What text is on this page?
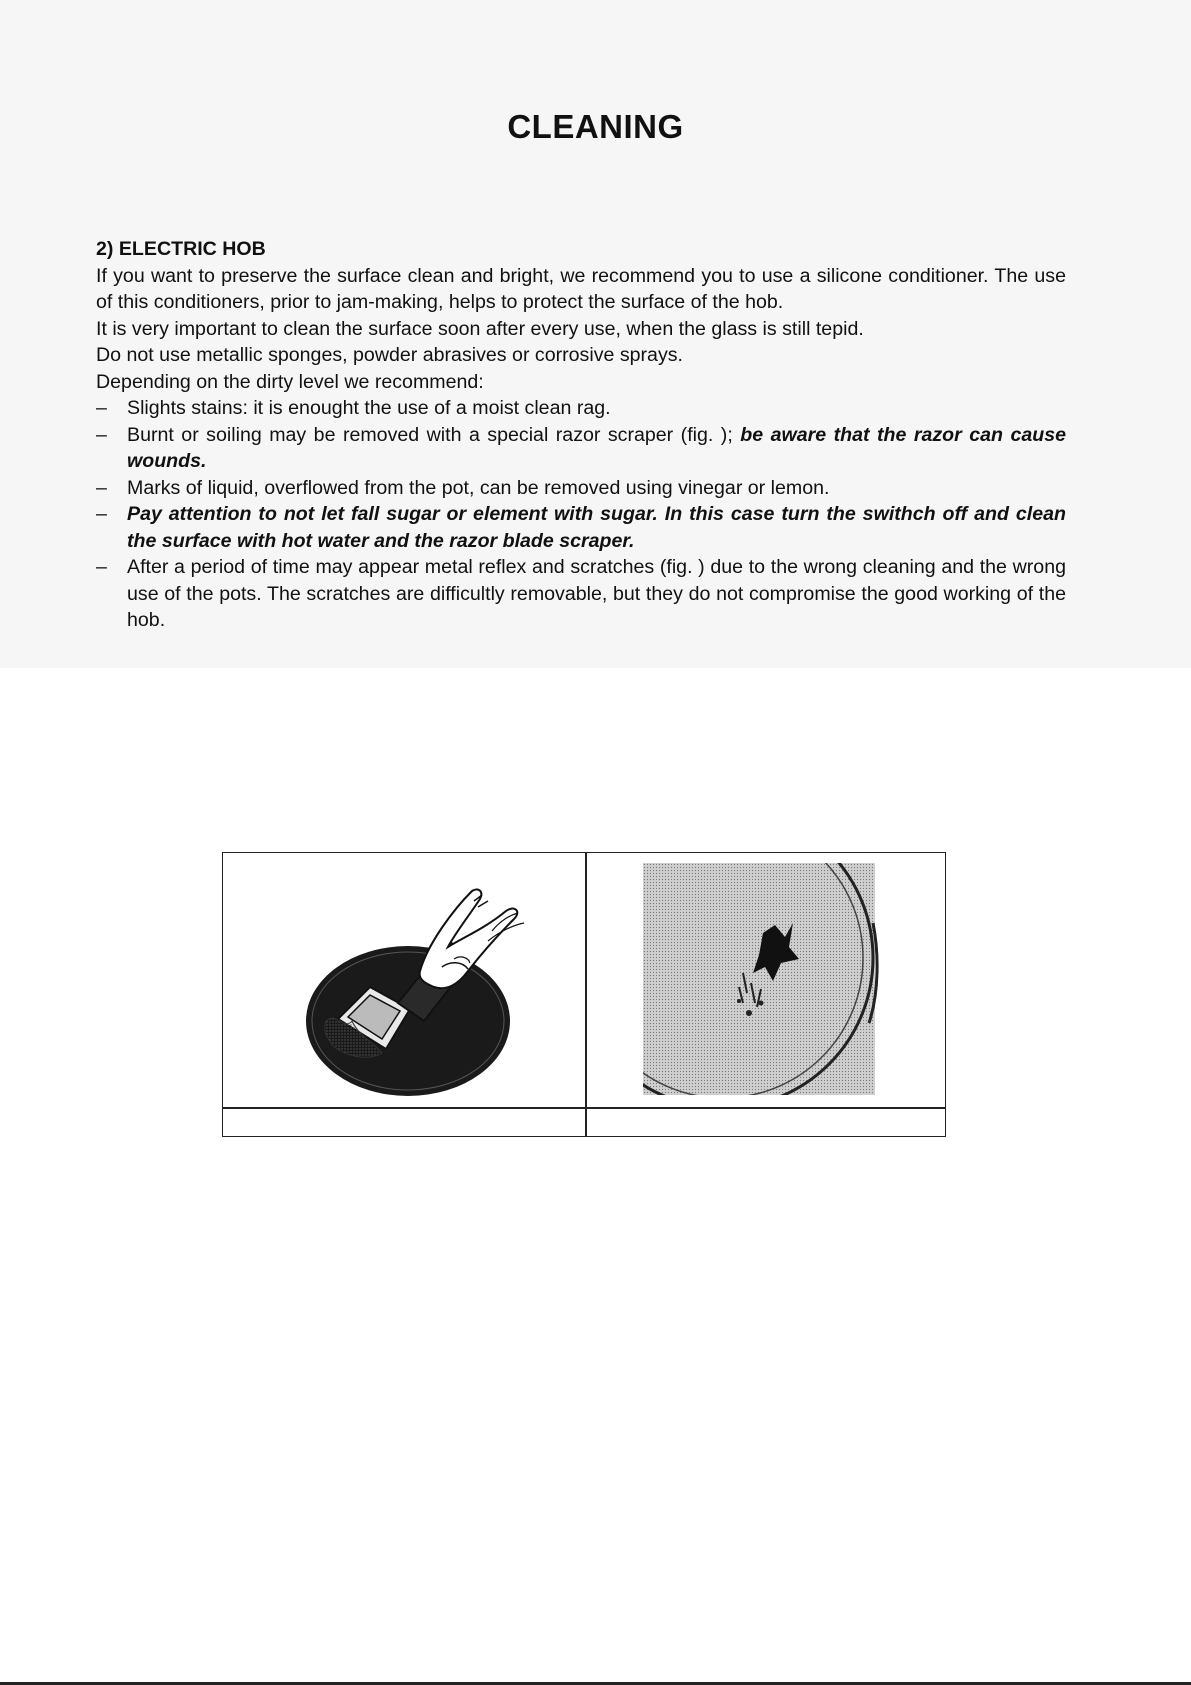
CLEANING
2) ELECTRIC HOB
If you want to preserve the surface clean and bright, we recommend you to use a silicone conditioner. The use of this conditioners, prior to jam-making, helps to protect the surface of the hob.
It is very important to clean the surface soon after every use, when the glass is still tepid.
Do not use metallic sponges, powder abrasives or corrosive sprays.
Depending on the dirty level we recommend:
– Slights stains: it is enought the use of a moist clean rag.
– Burnt or soiling may be removed with a special razor scraper (fig. ); be aware that the razor can cause wounds.
– Marks of liquid, overflowed from the pot, can be removed using vinegar or lemon.
– Pay attention to not let fall sugar or element with sugar. In this case turn the swithch off and clean the surface with hot water and the razor blade scraper.
– After a period of time may appear metal reflex and scratches (fig. ) due to the wrong cleaning and the wrong use of the pots. The scratches are difficultly removable, but they do not compromise the good working of the hob.
